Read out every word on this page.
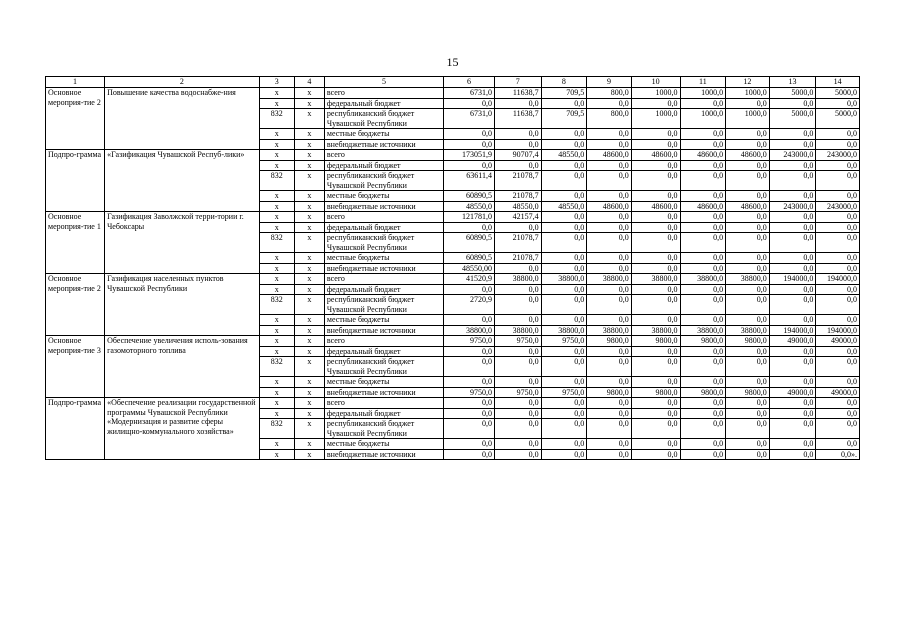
15
1	2	3	4	5	6	7	8	9	10	11	12	13	14
Основное мероприя-тие 2	Повышение качества водоснабже-ния	х	х	всего	6731,0	11638,7	709,5	800,0	1000,0	1000,0	1000,0	5000,0	5000,0
		х	х	федеральный бюджет	0,0	0,0	0,0	0,0	0,0	0,0	0,0	0,0	0,0
		832	х	республиканский бюджет Чувашской Республики	6731,0	11638,7	709,5	800,0	1000,0	1000,0	1000,0	5000,0	5000,0
		х	х	местные бюджеты	0,0	0,0	0,0	0,0	0,0	0,0	0,0	0,0	0,0
		х	х	внебюджетные источники	0,0	0,0	0,0	0,0	0,0	0,0	0,0	0,0	0,0
Подпро-грамма	«Газификация Чувашской Респуб-лики»	х	х	всего	173051,9	90707,4	48550,0	48600,0	48600,0	48600,0	48600,0	243000,0	243000,0
		х	х	федеральный бюджет	0,0	0,0	0,0	0,0	0,0	0,0	0,0	0,0	0,0
		832	х	республиканский бюджет Чувашской Республики	63611,4	21078,7	0,0	0,0	0,0	0,0	0,0	0,0	0,0
		х	х	местные бюджеты	60890,5	21078,7	0,0	0,0	0,0	0,0	0,0	0,0	0,0
		х	х	внебюджетные источники	48550,0	48550,0	48550,0	48600,0	48600,0	48600,0	48600,0	243000,0	243000,0
Основное мероприя-тие 1	Газификация Заволжской терри-тории г. Чебоксары	х	х	всего	121781,0	42157,4	0,0	0,0	0,0	0,0	0,0	0,0	0,0
		х	х	федеральный бюджет	0,0	0,0	0,0	0,0	0,0	0,0	0,0	0,0	0,0
		832	х	республиканский бюджет Чувашской Республики	60890,5	21078,7	0,0	0,0	0,0	0,0	0,0	0,0	0,0
		х	х	местные бюджеты	60890,5	21078,7	0,0	0,0	0,0	0,0	0,0	0,0	0,0
		х	х	внебюджетные источники	48550,00	0,0	0,0	0,0	0,0	0,0	0,0	0,0	0,0
Основное мероприя-тие 2	Газификация населенных пунктов Чувашской Республики	х	х	всего	41520,9	38800,0	38800,0	38800,0	38800,0	38800,0	38800,0	194000,0	194000,0
		х	х	федеральный бюджет	0,0	0,0	0,0	0,0	0,0	0,0	0,0	0,0	0,0
		832	х	республиканский бюджет Чувашской Республики	2720,9	0,0	0,0	0,0	0,0	0,0	0,0	0,0	0,0
		х	х	местные бюджеты	0,0	0,0	0,0	0,0	0,0	0,0	0,0	0,0	0,0
		х	х	внебюджетные источники	38800,0	38800,0	38800,0	38800,0	38800,0	38800,0	38800,0	194000,0	194000,0
Основное мероприя-тие 3	Обеспечение увеличения исполь-зования газомоторного топлива	х	х	всего	9750,0	9750,0	9750,0	9800,0	9800,0	9800,0	9800,0	49000,0	49000,0
		х	х	федеральный бюджет	0,0	0,0	0,0	0,0	0,0	0,0	0,0	0,0	0,0
		832	х	республиканский бюджет Чувашской Республики	0,0	0,0	0,0	0,0	0,0	0,0	0,0	0,0	0,0
		х	х	местные бюджеты	0,0	0,0	0,0	0,0	0,0	0,0	0,0	0,0	0,0
		х	х	внебюджетные источники	9750,0	9750,0	9750,0	9800,0	9800,0	9800,0	9800,0	49000,0	49000,0
Подпро-грамма	«Обеспечение реализации государственной программы Чувашской Республики «Модернизация и развитие сферы жилищно-коммунального хозяйства»	х	х	всего	0,0	0,0	0,0	0,0	0,0	0,0	0,0	0,0	0,0
		х	х	федеральный бюджет	0,0	0,0	0,0	0,0	0,0	0,0	0,0	0,0	0,0
		832	х	республиканский бюджет Чувашской Республики	0,0	0,0	0,0	0,0	0,0	0,0	0,0	0,0	0,0
		х	х	местные бюджеты	0,0	0,0	0,0	0,0	0,0	0,0	0,0	0,0	0,0
		х	х	внебюджетные источники	0,0	0,0	0,0	0,0	0,0	0,0	0,0	0,0	0,0».
